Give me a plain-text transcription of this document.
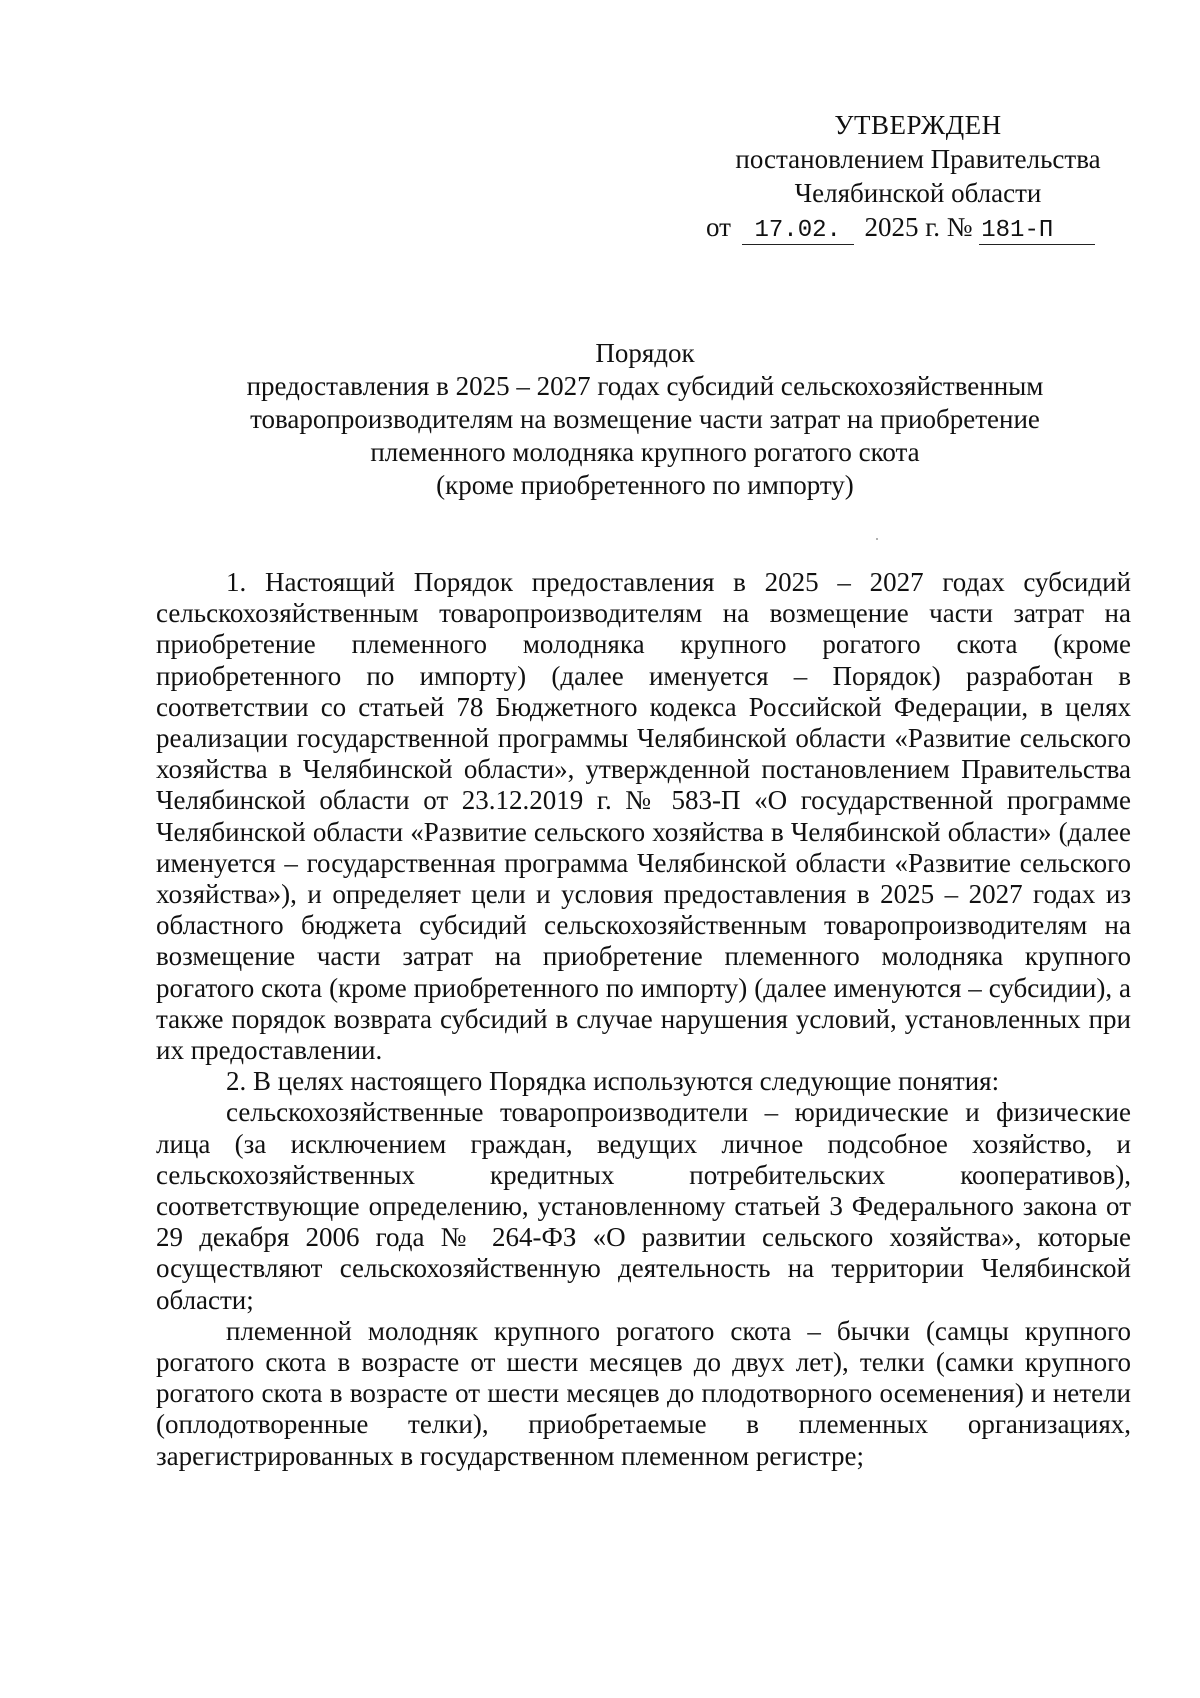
УТВЕРЖДЕН
постановлением Правительства
Челябинской области
от 17.02. 2025 г. № 181-П
Порядок
предоставления в 2025 – 2027 годах субсидий сельскохозяйственным
товаропроизводителям на возмещение части затрат на приобретение
племенного молодняка крупного рогатого скота
(кроме приобретенного по импорту)

1. Настоящий Порядок предоставления в 2025 – 2027 годах субсидий сельскохозяйственным товаропроизводителям на возмещение части затрат на приобретение племенного молодняка крупного рогатого скота (кроме приобретенного по импорту) (далее именуется – Порядок) разработан в соответствии со статьей 78 Бюджетного кодекса Российской Федерации, в целях реализации государственной программы Челябинской области «Развитие сельского хозяйства в Челябинской области», утвержденной постановлением Правительства Челябинской области от 23.12.2019 г. № 583-П «О государственной программе Челябинской области «Развитие сельского хозяйства в Челябинской области» (далее именуется – государственная программа Челябинской области «Развитие сельского хозяйства»), и определяет цели и условия предоставления в 2025 – 2027 годах из областного бюджета субсидий сельскохозяйственным товаропроизводителям на возмещение части затрат на приобретение племенного молодняка крупного рогатого скота (кроме приобретенного по импорту) (далее именуются – субсидии), а также порядок возврата субсидий в случае нарушения условий, установленных при их предоставлении.

2. В целях настоящего Порядка используются следующие понятия:

сельскохозяйственные товаропроизводители – юридические и физические лица (за исключением граждан, ведущих личное подсобное хозяйство, и сельскохозяйственных кредитных потребительских кооперативов), соответствующие определению, установленному статьей 3 Федерального закона от 29 декабря 2006 года № 264-ФЗ «О развитии сельского хозяйства», которые осуществляют сельскохозяйственную деятельность на территории Челябинской области;

племенной молодняк крупного рогатого скота – бычки (самцы крупного рогатого скота в возрасте от шести месяцев до двух лет), телки (самки крупного рогатого скота в возрасте от шести месяцев до плодотворного осеменения) и нетели (оплодотворенные телки), приобретаемые в племенных организациях, зарегистрированных в государственном племенном регистре;
